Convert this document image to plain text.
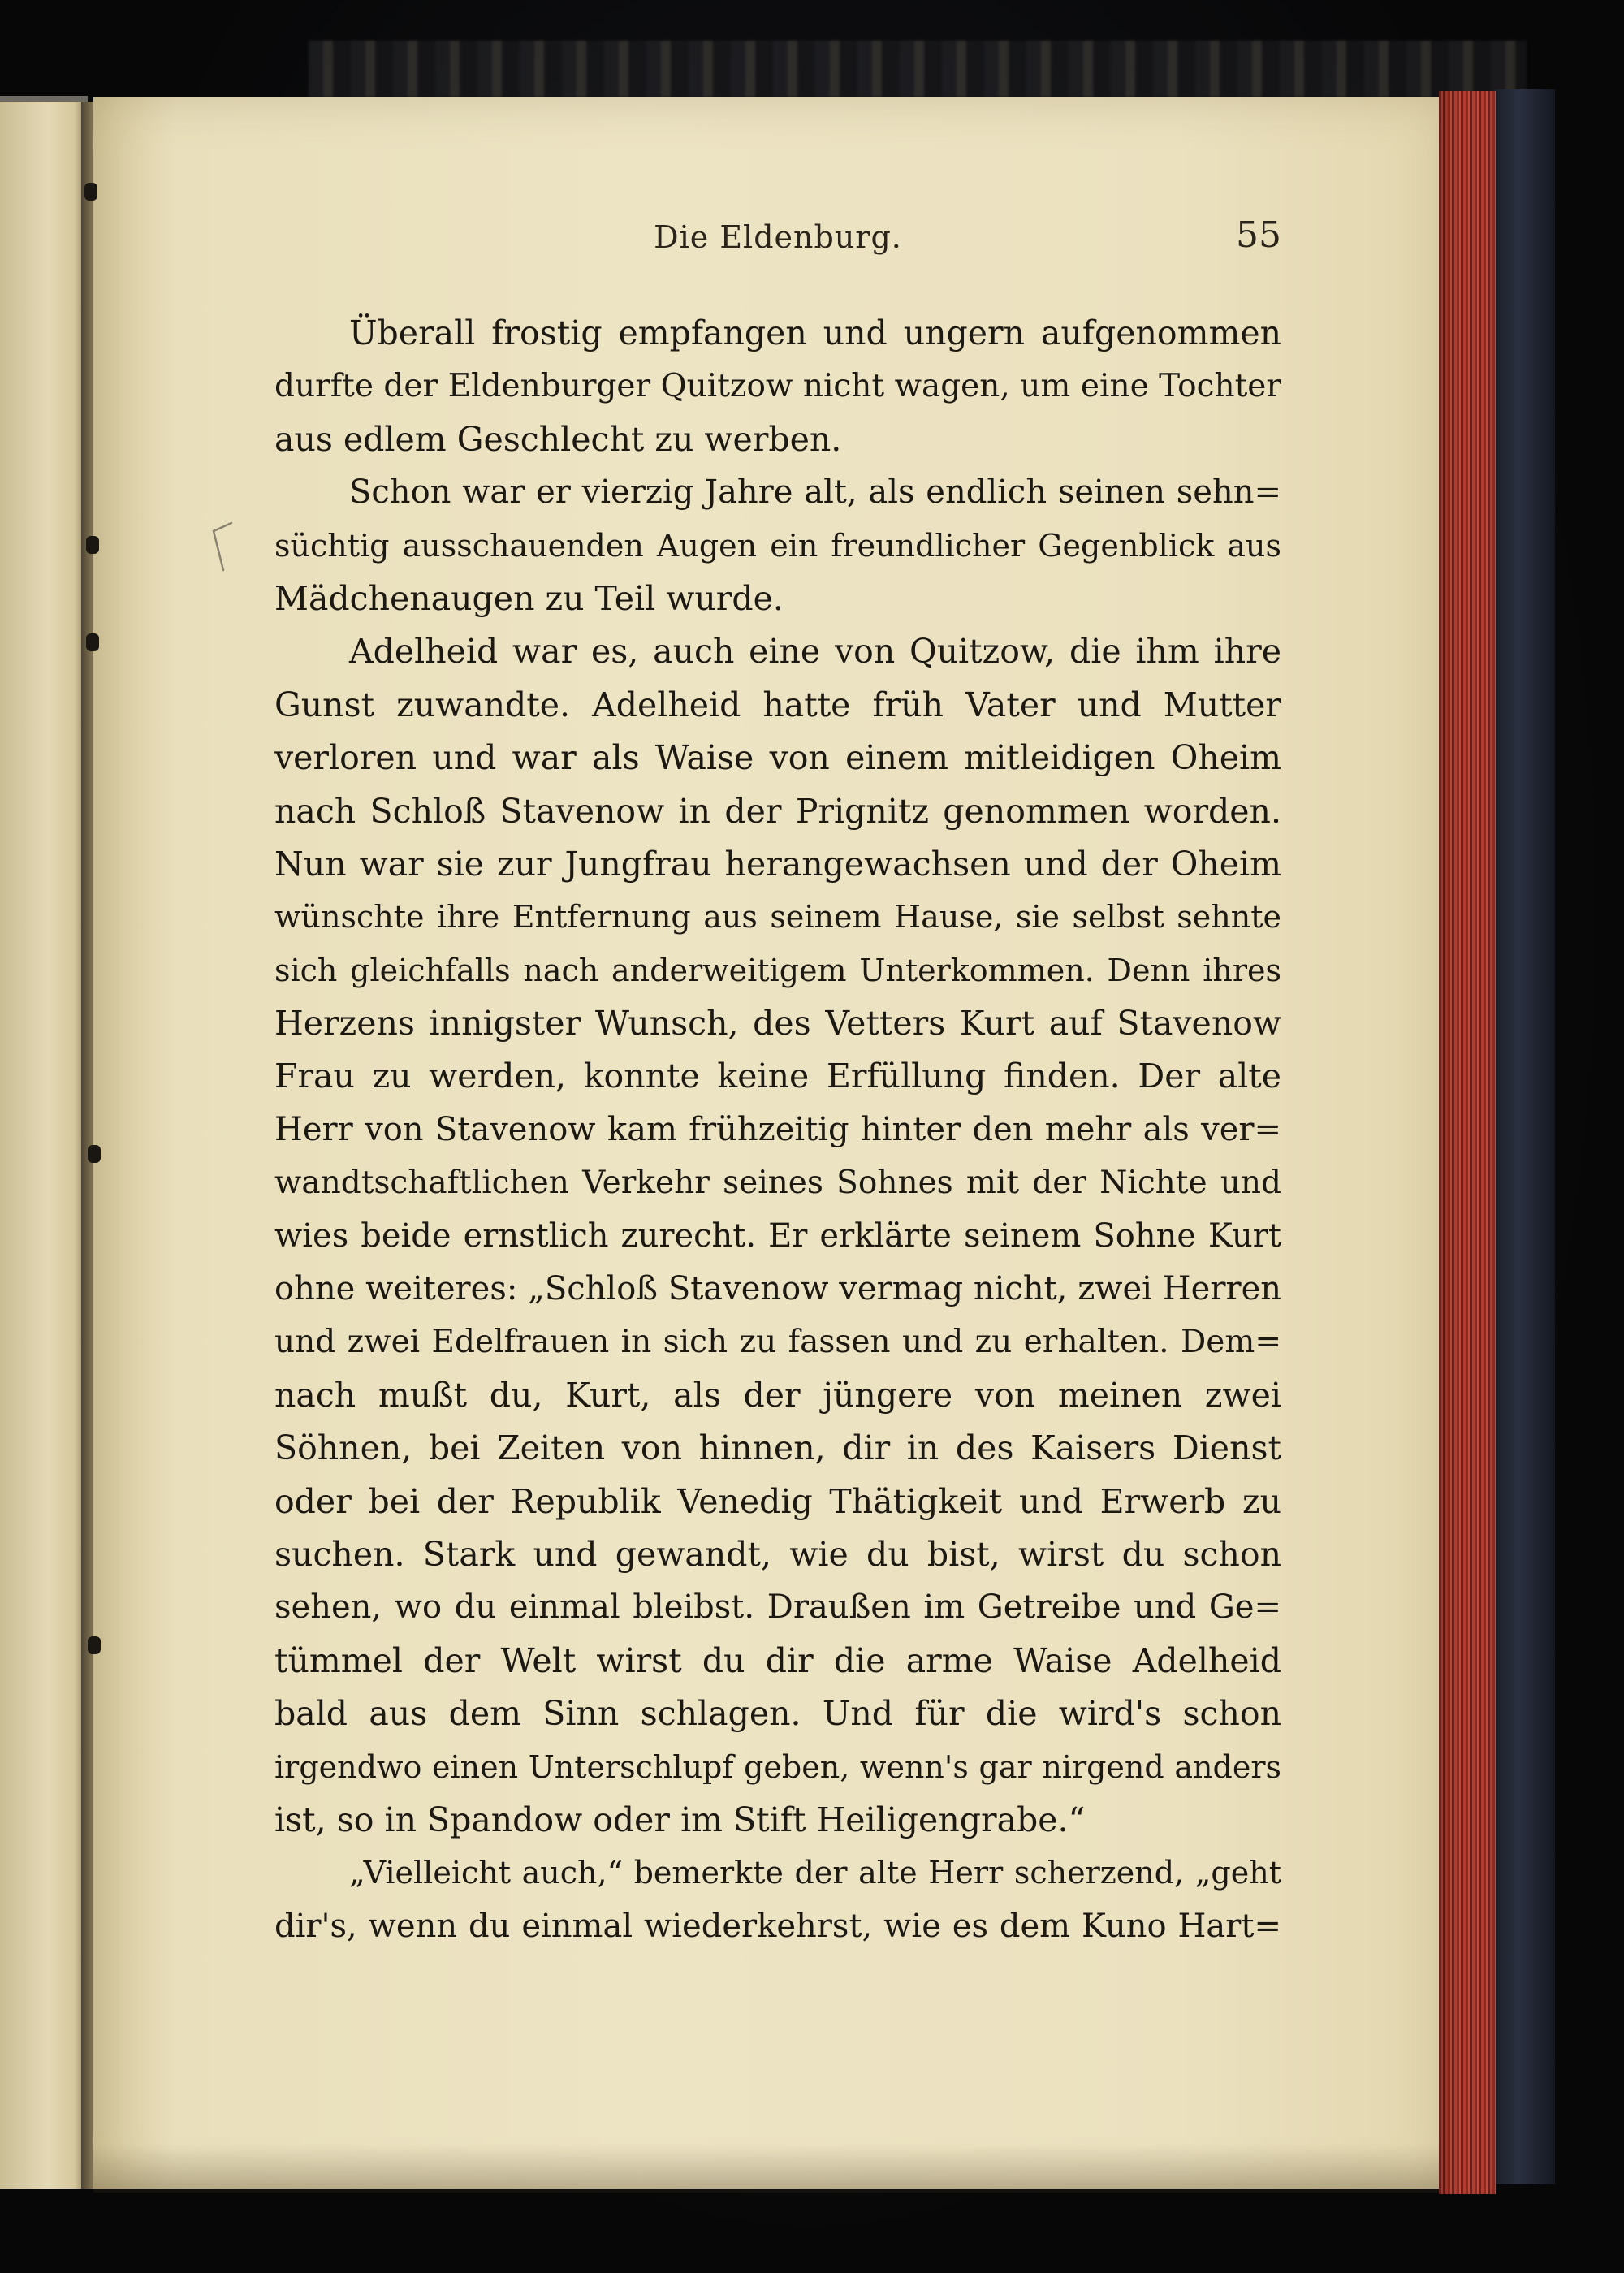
Die Eldenburg.	55
Überall frostig empfangen und ungern aufgenommen
durfte der Eldenburger Quitzow nicht wagen, um eine Tochter
aus edlem Geschlecht zu werben.
Schon war er vierzig Jahre alt, als endlich seinen sehn=
süchtig ausschauenden Augen ein freundlicher Gegenblick aus
Mädchenaugen zu Teil wurde.
Adelheid war es, auch eine von Quitzow, die ihm ihre
Gunst zuwandte. Adelheid hatte früh Vater und Mutter
verloren und war als Waise von einem mitleidigen Oheim
nach Schloß Stavenow in der Prignitz genommen worden.
Nun war sie zur Jungfrau herangewachsen und der Oheim
wünschte ihre Entfernung aus seinem Hause, sie selbst sehnte
sich gleichfalls nach anderweitigem Unterkommen. Denn ihres
Herzens innigster Wunsch, des Vetters Kurt auf Stavenow
Frau zu werden, konnte keine Erfüllung finden. Der alte
Herr von Stavenow kam frühzeitig hinter den mehr als ver=
wandtschaftlichen Verkehr seines Sohnes mit der Nichte und
wies beide ernstlich zurecht. Er erklärte seinem Sohne Kurt
ohne weiteres: „Schloß Stavenow vermag nicht, zwei Herren
und zwei Edelfrauen in sich zu fassen und zu erhalten. Dem=
nach mußt du, Kurt, als der jüngere von meinen zwei
Söhnen, bei Zeiten von hinnen, dir in des Kaisers Dienst
oder bei der Republik Venedig Thätigkeit und Erwerb zu
suchen. Stark und gewandt, wie du bist, wirst du schon
sehen, wo du einmal bleibst. Draußen im Getreibe und Ge=
tümmel der Welt wirst du dir die arme Waise Adelheid
bald aus dem Sinn schlagen. Und für die wird's schon
irgendwo einen Unterschlupf geben, wenn's gar nirgend anders
ist, so in Spandow oder im Stift Heiligengrabe.“
„Vielleicht auch,“ bemerkte der alte Herr scherzend, „geht
dir's, wenn du einmal wiederkehrst, wie es dem Kuno Hart=
